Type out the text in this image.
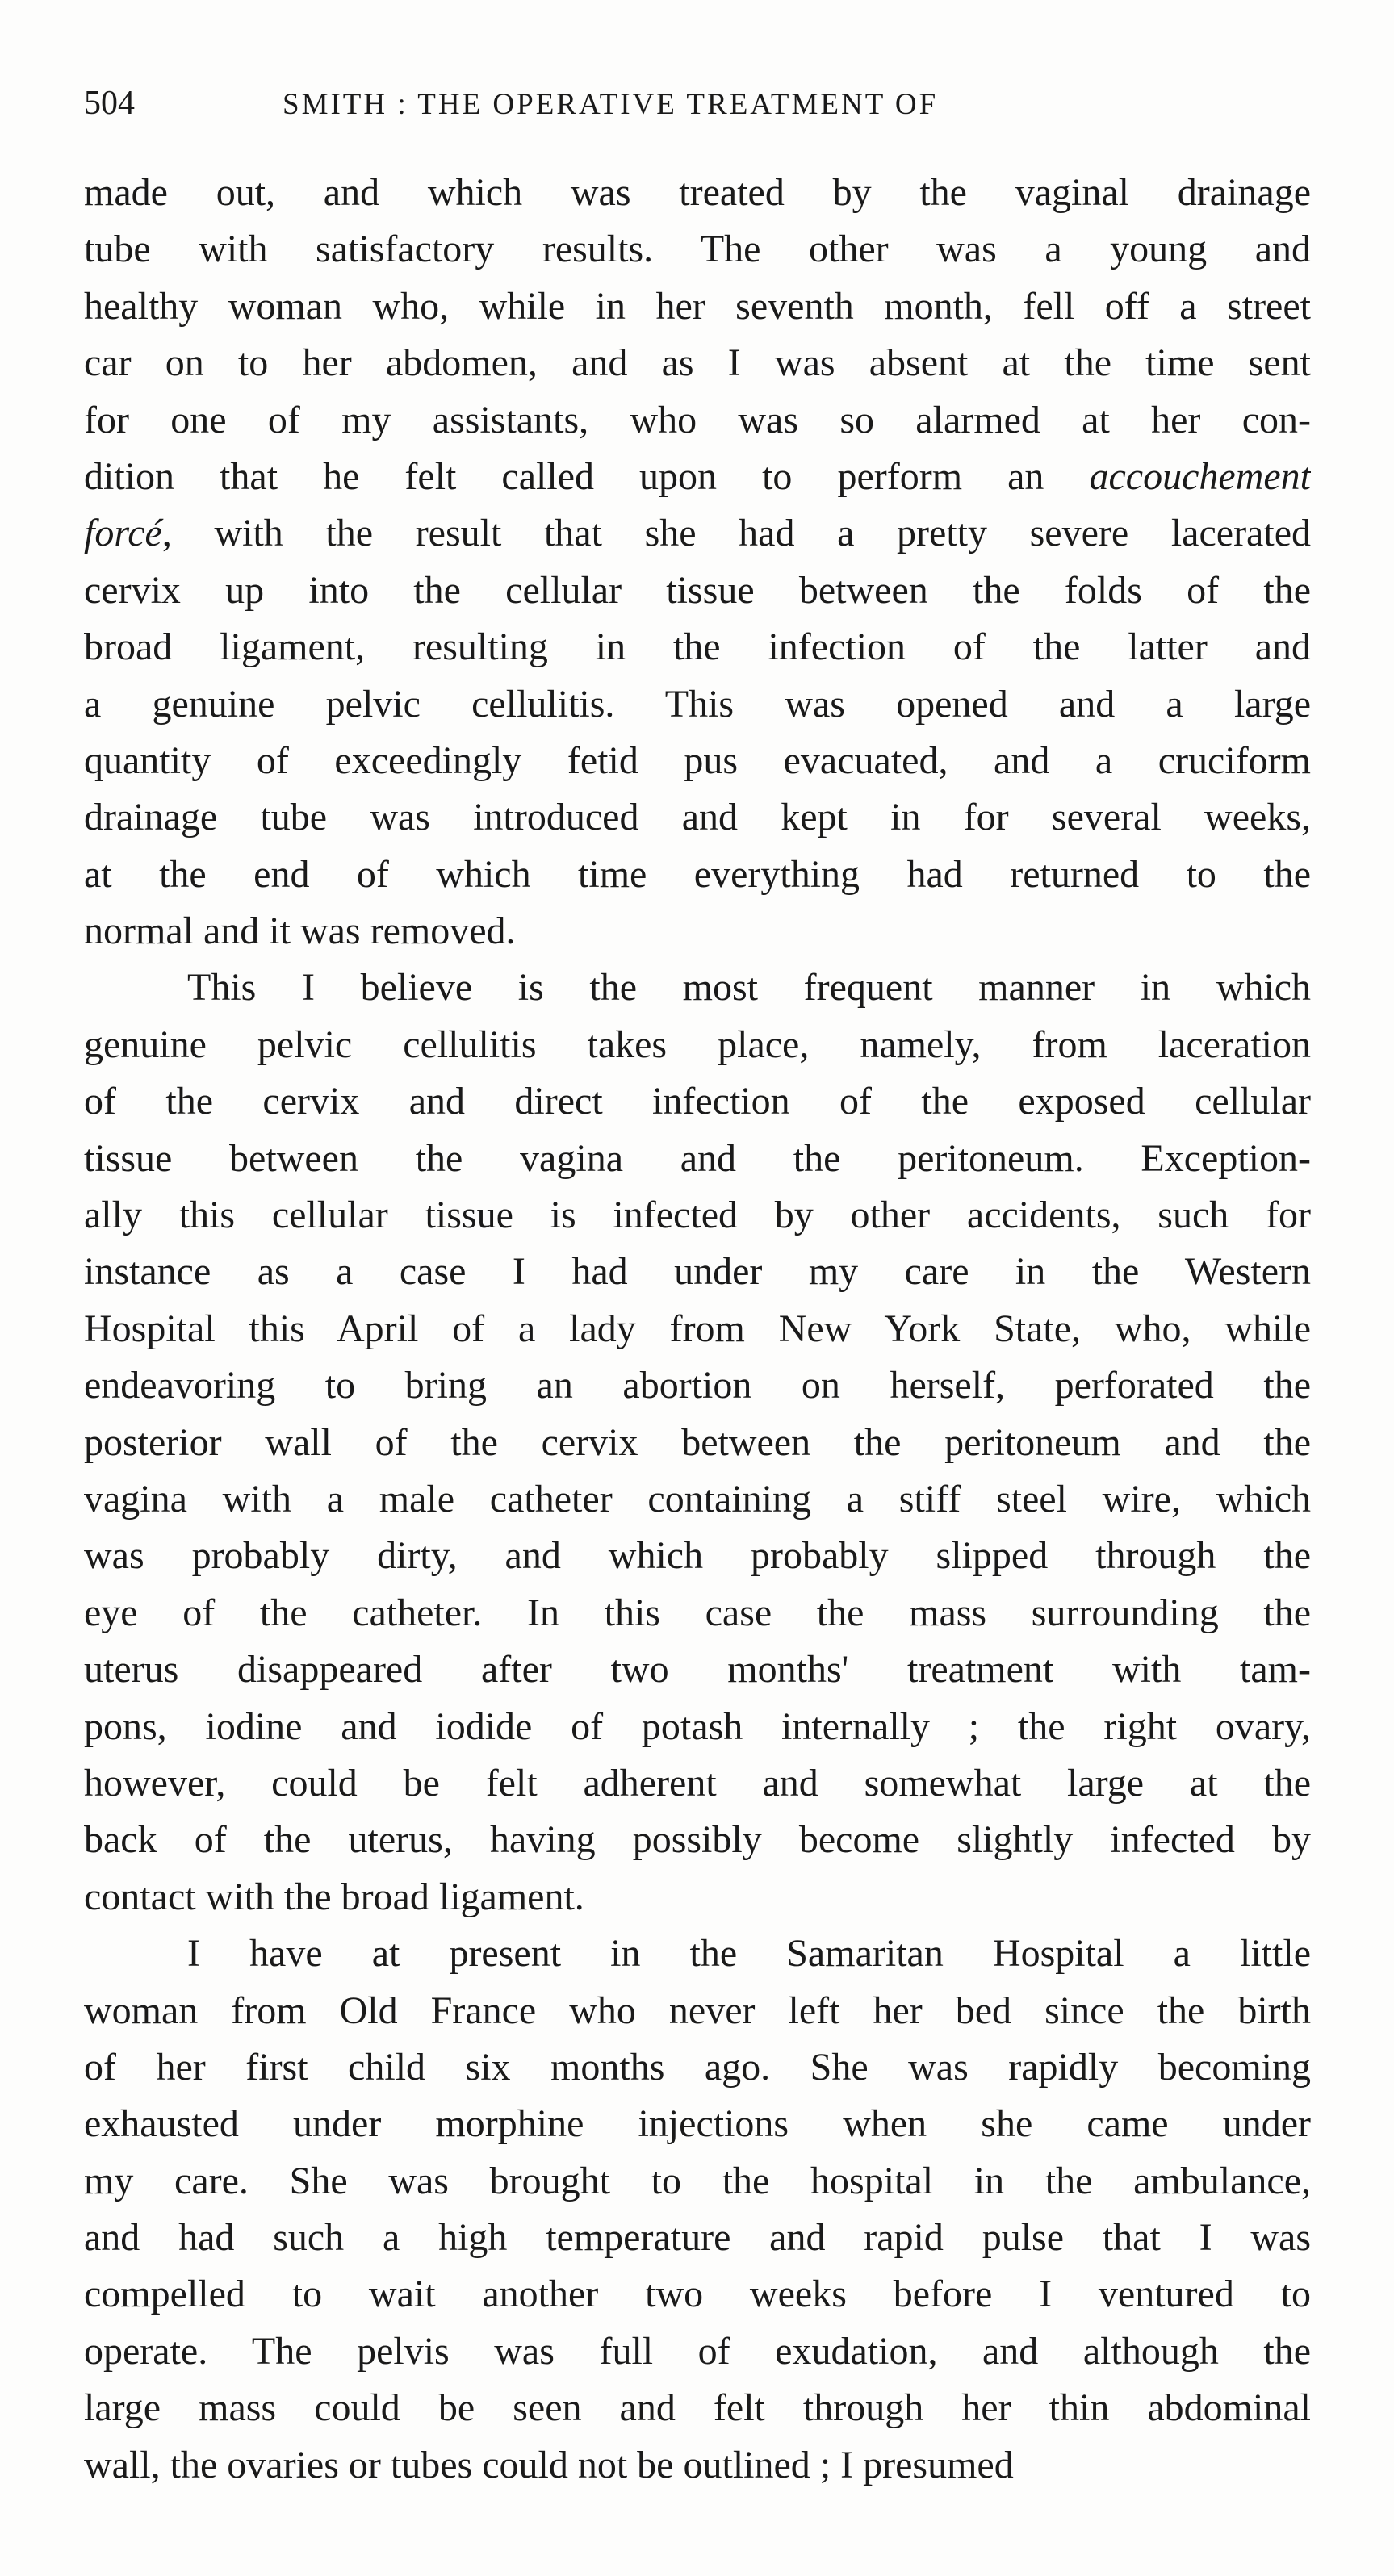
504	SMITH : THE OPERATIVE TREATMENT OF
made out, and which was treated by the vaginal drainage
tube with satisfactory results. The other was a young and
healthy woman who, while in her seventh month, fell off a street
car on to her abdomen, and as I was absent at the time sent
for one of my assistants, who was so alarmed at her con-
dition that he felt called upon to perform an accouchement
forcé, with the result that she had a pretty severe lacerated
cervix up into the cellular tissue between the folds of the
broad ligament, resulting in the infection of the latter and
a genuine pelvic cellulitis. This was opened and a large
quantity of exceedingly fetid pus evacuated, and a cruciform
drainage tube was introduced and kept in for several weeks,
at the end of which time everything had returned to the
normal and it was removed.
This I believe is the most frequent manner in which
genuine pelvic cellulitis takes place, namely, from laceration
of the cervix and direct infection of the exposed cellular
tissue between the vagina and the peritoneum. Exception-
ally this cellular tissue is infected by other accidents, such for
instance as a case I had under my care in the Western
Hospital this April of a lady from New York State, who, while
endeavoring to bring an abortion on herself, perforated the
posterior wall of the cervix between the peritoneum and the
vagina with a male catheter containing a stiff steel wire, which
was probably dirty, and which probably slipped through the
eye of the catheter. In this case the mass surrounding the
uterus disappeared after two months' treatment with tam-
pons, iodine and iodide of potash internally ; the right ovary,
however, could be felt adherent and somewhat large at the
back of the uterus, having possibly become slightly infected by
contact with the broad ligament.
I have at present in the Samaritan Hospital a little
woman from Old France who never left her bed since the birth
of her first child six months ago. She was rapidly becoming
exhausted under morphine injections when she came under
my care. She was brought to the hospital in the ambulance,
and had such a high temperature and rapid pulse that I was
compelled to wait another two weeks before I ventured to
operate. The pelvis was full of exudation, and although the
large mass could be seen and felt through her thin abdominal
wall, the ovaries or tubes could not be outlined ; I presumed
